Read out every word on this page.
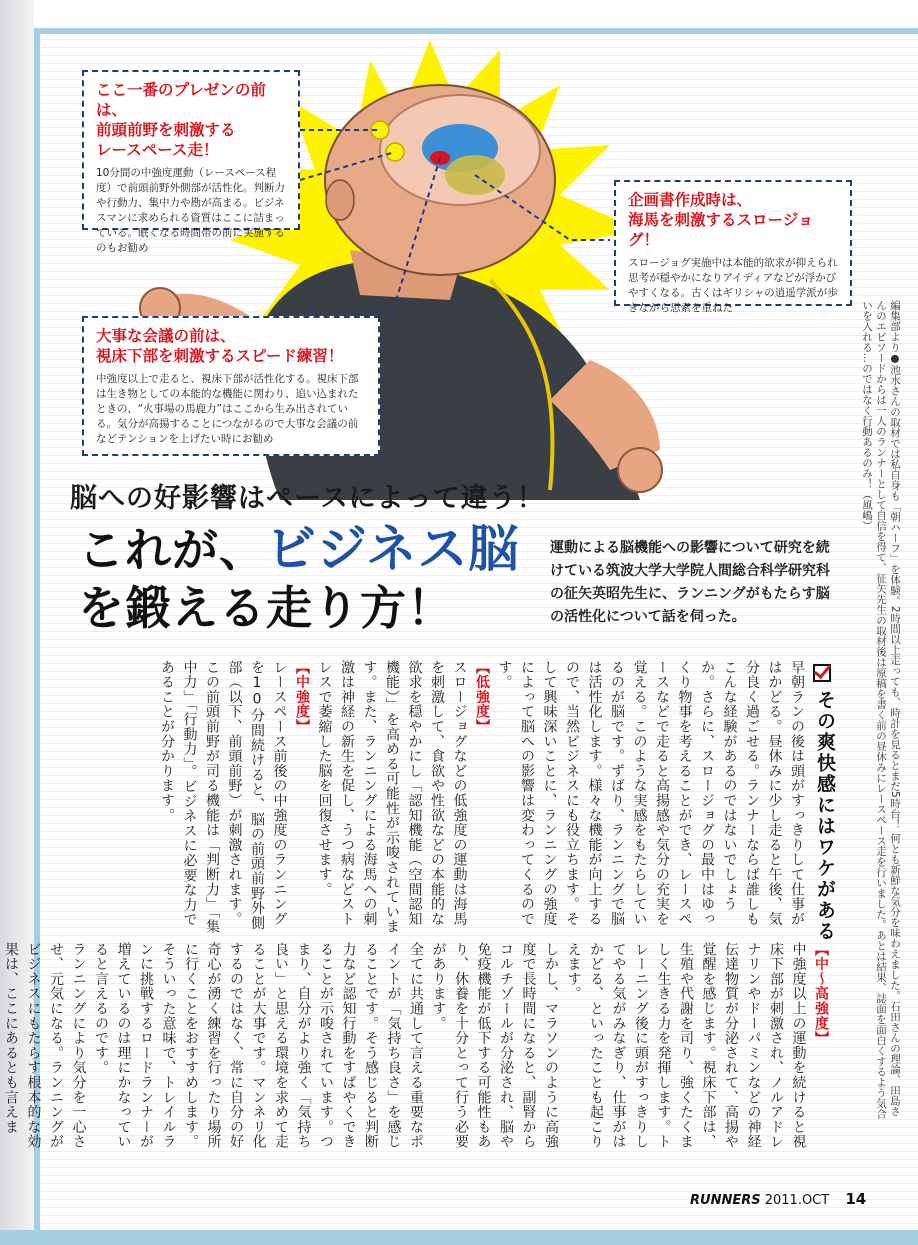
ここ一番のプレゼンの前は、
前頭前野を刺激する
レースペース走！
10分間の中強度運動（レースペース程度）で前頭前野外側部が活性化。判断力や行動力、集中力や勘が高まる。ビジネスマンに求められる資質はここに詰まっている。眠くなる時間帯の前に実施するのもお勧め
企画書作成時は、
海馬を刺激するスロージョグ！
スロージョグ実施中は本能的欲求が抑えられ思考が穏やかになりアイディアなどが浮かびやすくなる。古くはギリシャの逍遥学派が歩きながら思索を重ねた
大事な会議の前は、
視床下部を刺激するスピード練習！
中強度以上で走ると、視床下部が活性化する。視床下部は生き物としての本能的な機能に関わり、追い込まれたときの、“火事場の馬鹿力”はここから生み出されている。気分が高揚することにつながるので大事な会議の前などテンションを上げたい時にお勧め
脳への好影響はペースによって違う！
これが、ビジネス脳
を鍛える走り方！
運動による脳機能への影響について研究を続けている筑波大学大学院人間総合科学研究科の征矢英昭先生に、ランニングがもたらす脳の活性化について話を伺った。	編集部より●池水さんの取材では私自身も「朝ハーフ」を体験。2時間以上走っても、時計を見るとまだ5時台！ 何とも新鮮な気分を味わえました。石田さんの理論、田島さんのエピソードからは一人のランナーとして自信を得て、征矢先生の取材後は原稿を書く前の昼休みにレースペース走を行いました。あとは結果、誌面を面白くするよう気合いを入れる…のではなく行動あるのみ！（風嶋）
その爽快感にはワケがある
早朝ランの後は頭がすっきりして仕事がはかどる。昼休みに少し走ると午後、気分良く過ごせる。ランナーならば誰しもこんな経験があるのではないでしょうか。さらに、スロージョグの最中はゆっくり物事を考えることができ、レースペースなどで走ると高揚感や気分の充実を覚える。このような実感をもたらしているのが脳です。ずばり、ランニングで脳は活性化します。様々な機能が向上するので、当然ビジネスにも役立ちます。そして興味深いことに、ランニングの強度によって脳への影響は変わってくるのです。
【 低強度 】
スロージョグなどの低強度の運動は海馬を刺激して、食欲や性欲などの本能的な欲求を穏やかにし「認知機能（空間認知機能）」を高める可能性が示唆されています。また、ランニングによる海馬への刺激は神経の新生を促し、うつ病などストレスで萎縮した脳を回復させます。
【 中強度 】
レースペース前後の中強度のランニングを10分間続けると、脳の前頭前野外側部（以下、前頭前野）が刺激されます。この前頭前野が司る機能は「判断力」「集中力」「行動力」。ビジネスに必要な力であることが分かります。
【 中～高強度 】
中強度以上の運動を続けると視床下部が刺激され、ノルアドレナリンやドーパミンなどの神経伝達物質が分泌されて、高揚や覚醒を感じます。視床下部は、生殖や代謝を司り、強くたくましく生きる力を発揮します。トレーニング後に頭がすっきりしてやる気がみなぎり、仕事がはかどる、といったことも起こりえます。
しかし、マラソンのように高強度で長時間になると、副腎からコルチゾールが分泌され、脳や免疫機能が低下する可能性もあり、休養を十分とって行う必要があります。
全てに共通して言える重要なポイントが「気持ち良さ」を感じることです。そう感じると判断力など認知行動をすばやくできることが示唆されています。つまり、自分がより強く「気持ち良い」と思える環境を求めて走ることが大事です。マンネリ化するのではなく、常に自分の好奇心が湧く練習を行ったり場所に行くことをおすすめします。そういった意味で、トレイルランに挑戦するロードランナーが増えているのは理にかなっていると言えるのです。
ランニングにより気分を一心させ、元気になる。ランニングがビジネスにもたらす根本的な効果は、ここにあるとも言えま
RUNNERS 2011.OCT 14
